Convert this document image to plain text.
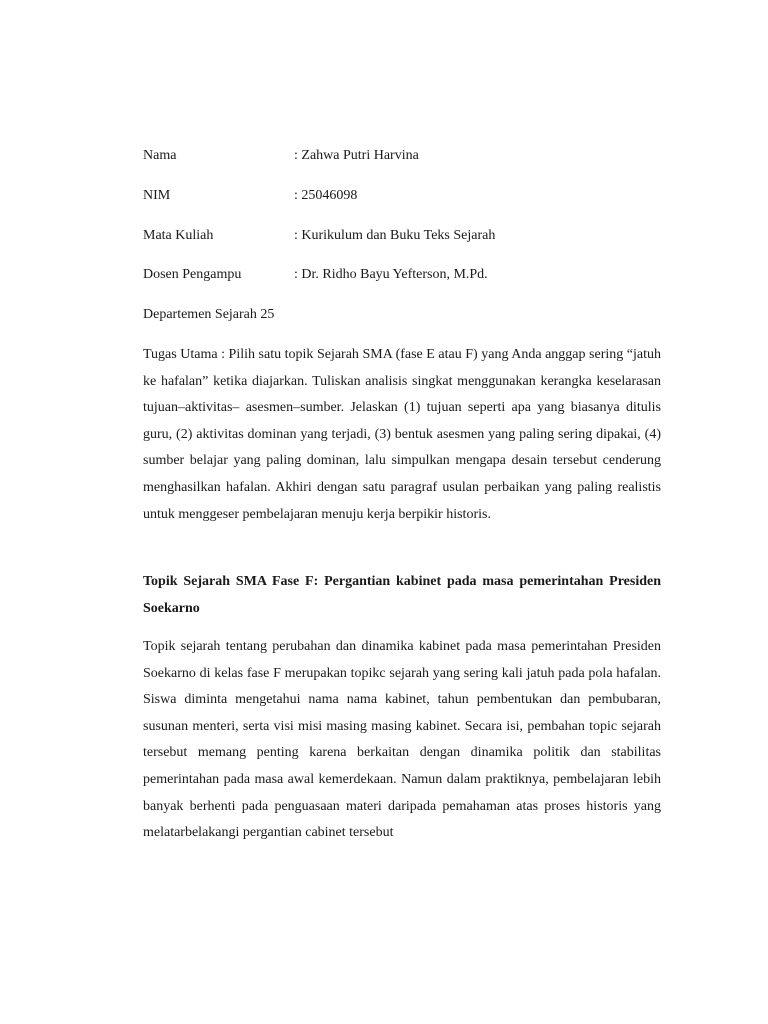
Nama	: Zahwa Putri Harvina
NIM	: 25046098
Mata Kuliah	: Kurikulum dan Buku Teks Sejarah
Dosen Pengampu	: Dr. Ridho Bayu Yefterson, M.Pd.
Departemen Sejarah 25

Tugas Utama : Pilih satu topik Sejarah SMA (fase E atau F) yang Anda anggap sering “jatuh ke hafalan” ketika diajarkan. Tuliskan analisis singkat menggunakan kerangka keselarasan tujuan–aktivitas– asesmen–sumber. Jelaskan (1) tujuan seperti apa yang biasanya ditulis guru, (2) aktivitas dominan yang terjadi, (3) bentuk asesmen yang paling sering dipakai, (4) sumber belajar yang paling dominan, lalu simpulkan mengapa desain tersebut cenderung menghasilkan hafalan. Akhiri dengan satu paragraf usulan perbaikan yang paling realistis untuk menggeser pembelajaran menuju kerja berpikir historis.

Topik Sejarah SMA Fase F: Pergantian kabinet pada masa pemerintahan Presiden Soekarno

Topik sejarah tentang perubahan dan dinamika kabinet pada masa pemerintahan Presiden Soekarno di kelas fase F merupakan topikc sejarah yang sering kali jatuh pada pola hafalan. Siswa diminta mengetahui nama nama kabinet, tahun pembentukan dan pembubaran, susunan menteri, serta visi misi masing masing kabinet. Secara isi, pembahan topic sejarah tersebut memang penting karena berkaitan dengan dinamika politik dan stabilitas pemerintahan pada masa awal kemerdekaan. Namun dalam praktiknya, pembelajaran lebih banyak berhenti pada penguasaan materi daripada pemahaman atas proses historis yang melatarbelakangi pergantian cabinet tersebut
